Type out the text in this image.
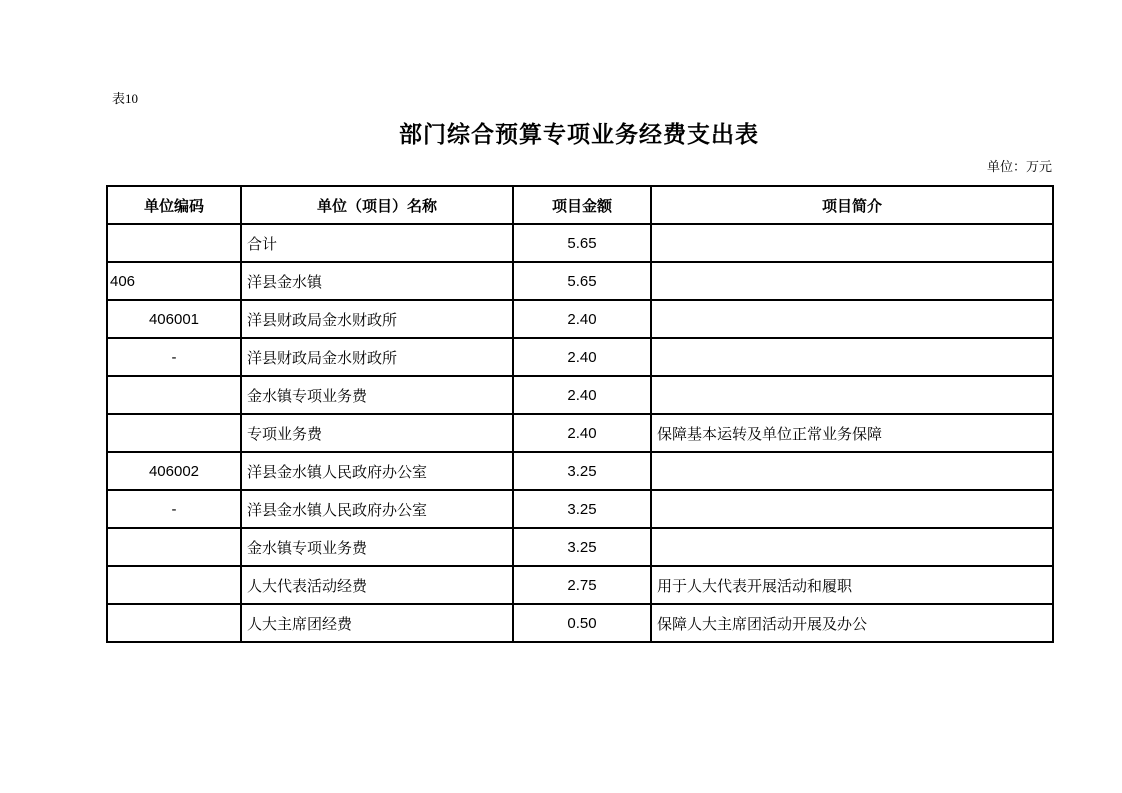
表10
部门综合预算专项业务经费支出表
单位：万元
单位编码	单位（项目）名称	项目金额	项目简介
	合计	5.65	
406	洋县金水镇	5.65	
406001	洋县财政局金水财政所	2.40	
-	洋县财政局金水财政所	2.40	
	金水镇专项业务费	2.40	
	专项业务费	2.40	保障基本运转及单位正常业务保障
406002	洋县金水镇人民政府办公室	3.25	
-	洋县金水镇人民政府办公室	3.25	
	金水镇专项业务费	3.25	
	人大代表活动经费	2.75	用于人大代表开展活动和履职
	人大主席团经费	0.50	保障人大主席团活动开展及办公
